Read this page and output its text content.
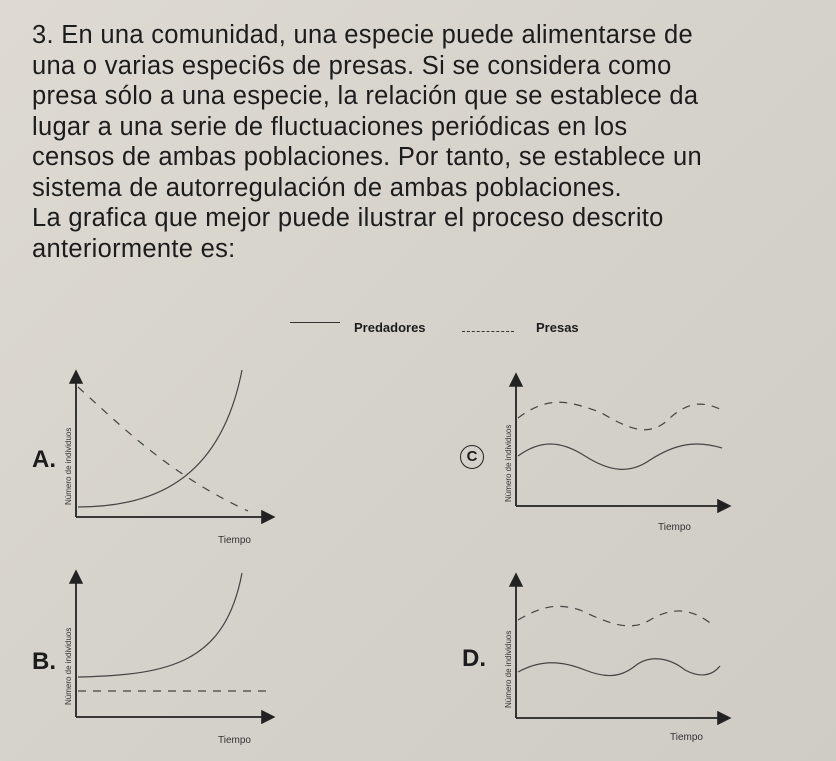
3. En una comunidad, una especie puede alimentarse de

una o varias especi6s de presas. Si se considera como

presa sólo a una especie, la relación que se establece da

lugar a una serie de fluctuaciones periódicas en los

censos de ambas poblaciones. Por tanto, se establece un

sistema de autorregulación de ambas poblaciones.

La grafica que mejor puede ilustrar el proceso descrito

anteriormente es:

Predadores	Presas
A. Número de individuos
Tiempo
C	Número de individuos
Tiempo
B. Número de individuos
Tiempo
D. Número de individuos
Tiempo
